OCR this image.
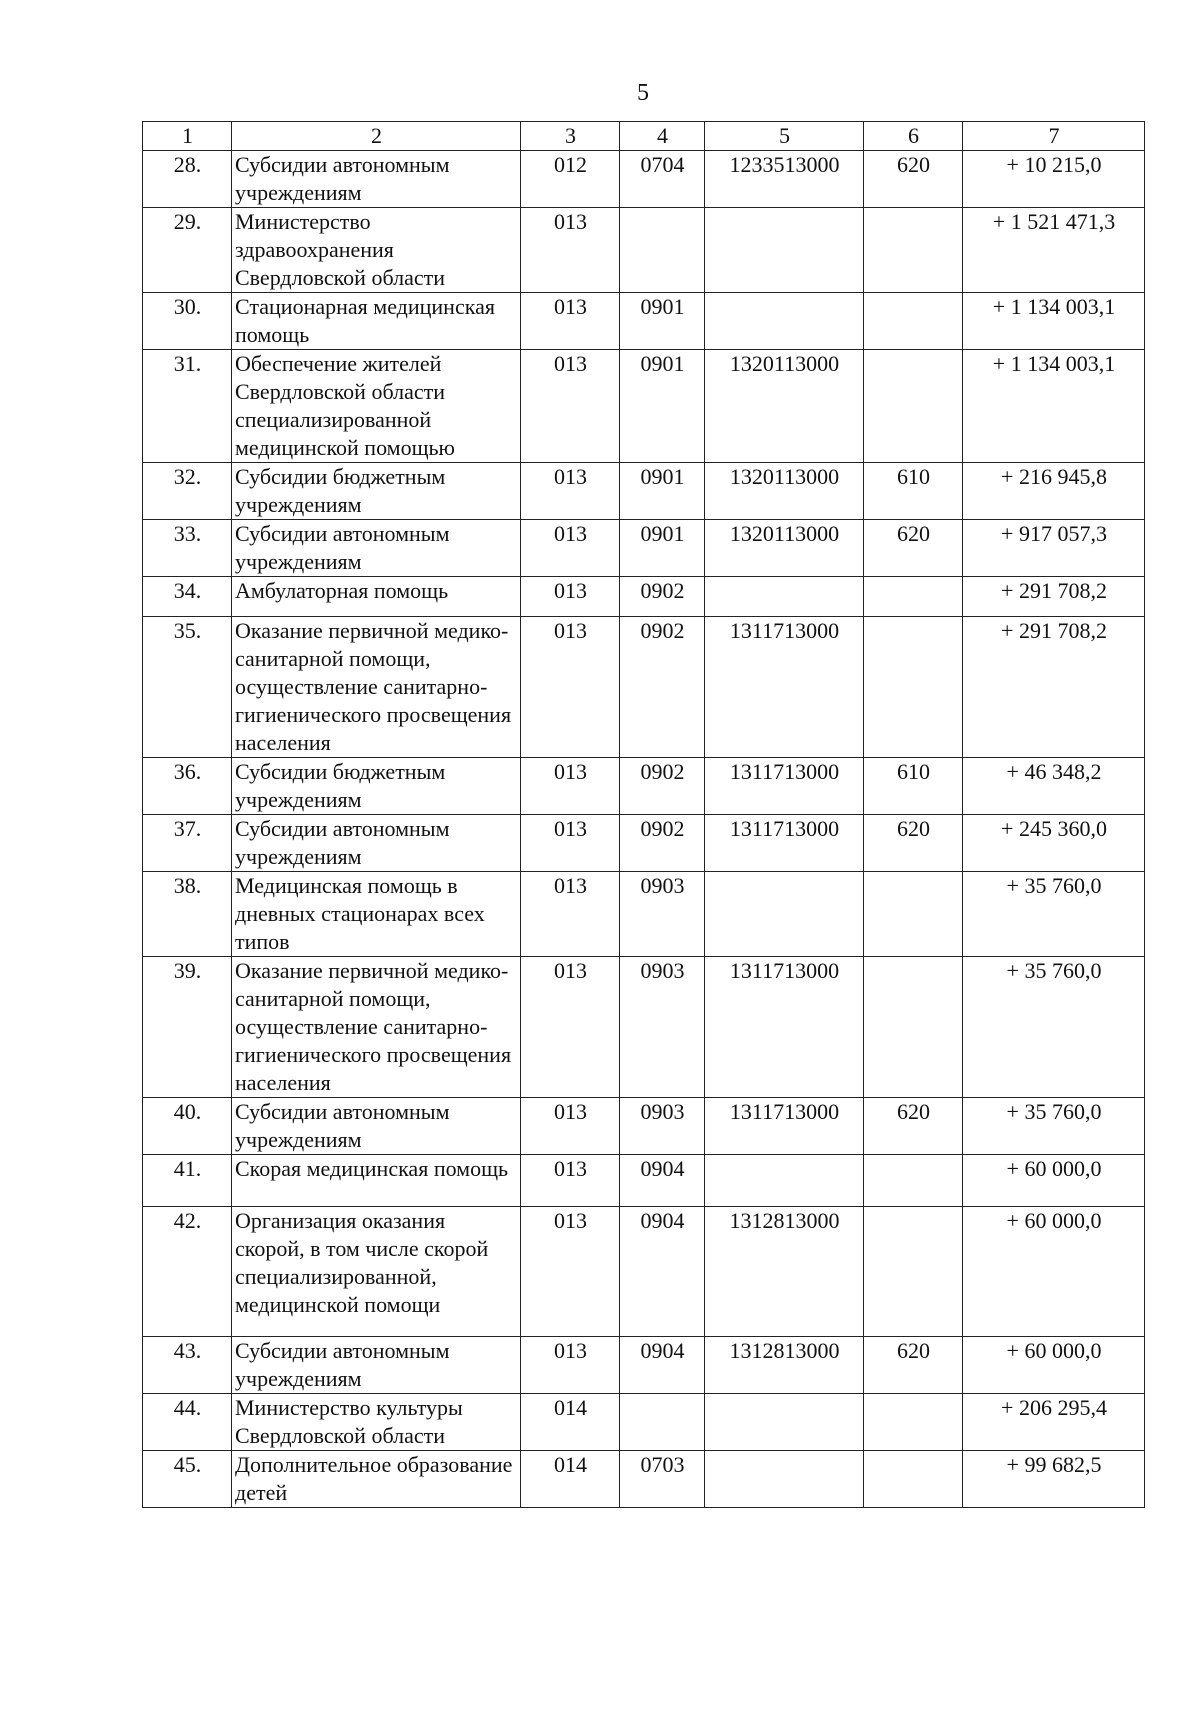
5
1	2	3	4	5	6	7
28.	Субсидии автономным учреждениям	012	0704	1233513000	620	+ 10 215,0
29.	Министерство здравоохранения Свердловской области	013				+ 1 521 471,3
30.	Стационарная медицинская помощь	013	0901			+ 1 134 003,1
31.	Обеспечение жителей Свердловской области специализированной медицинской помощью	013	0901	1320113000		+ 1 134 003,1
32.	Субсидии бюджетным учреждениям	013	0901	1320113000	610	+ 216 945,8
33.	Субсидии автономным учреждениям	013	0901	1320113000	620	+ 917 057,3
34.	Амбулаторная помощь	013	0902			+ 291 708,2
35.	Оказание первичной медико-санитарной помощи, осуществление санитарно-гигиенического просвещения населения	013	0902	1311713000		+ 291 708,2
36.	Субсидии бюджетным учреждениям	013	0902	1311713000	610	+ 46 348,2
37.	Субсидии автономным учреждениям	013	0902	1311713000	620	+ 245 360,0
38.	Медицинская помощь в дневных стационарах всех типов	013	0903			+ 35 760,0
39.	Оказание первичной медико-санитарной помощи, осуществление санитарно-гигиенического просвещения населения	013	0903	1311713000		+ 35 760,0
40.	Субсидии автономным учреждениям	013	0903	1311713000	620	+ 35 760,0
41.	Скорая медицинская помощь	013	0904			+ 60 000,0
42.	Организация оказания скорой, в том числе скорой специализированной, медицинской помощи	013	0904	1312813000		+ 60 000,0
43.	Субсидии автономным учреждениям	013	0904	1312813000	620	+ 60 000,0
44.	Министерство культуры Свердловской области	014				+ 206 295,4
45.	Дополнительное образование детей	014	0703			+ 99 682,5
